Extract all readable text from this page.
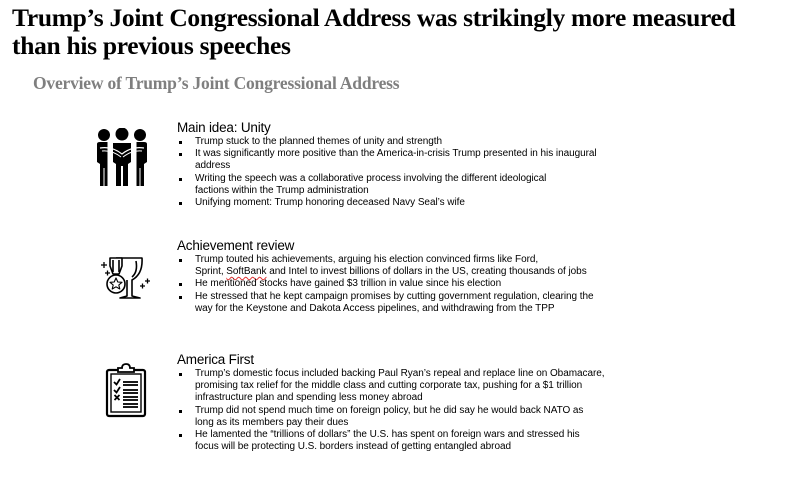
Trump’s Joint Congressional Address was strikingly more measured than his previous speeches
Overview of Trump’s Joint Congressional Address
Main idea: Unity
Trump stuck to the planned themes of unity and strength
It was significantly more positive than the America-in-crisis Trump presented in his inaugural
address
Writing the speech was a collaborative process involving the different ideological
factions within the Trump administration
Unifying moment: Trump honoring deceased Navy Seal’s wife
Achievement review
Trump touted his achievements, arguing his election convinced firms like Ford,
Sprint, SoftBank and Intel to invest billions of dollars in the US, creating thousands of jobs
He mentioned stocks have gained $3 trillion in value since his election
He stressed that he kept campaign promises by cutting government regulation, clearing the
way for the Keystone and Dakota Access pipelines, and withdrawing from the TPP
America First
Trump’s domestic focus included backing Paul Ryan’s repeal and replace line on Obamacare,
promising tax relief for the middle class and cutting corporate tax, pushing for a $1 trillion
infrastructure plan and spending less money abroad
Trump did not spend much time on foreign policy, but he did say he would back NATO as
long as its members pay their dues
He lamented the “trillions of dollars” the U.S. has spent on foreign wars and stressed his
focus will be protecting U.S. borders instead of getting entangled abroad
